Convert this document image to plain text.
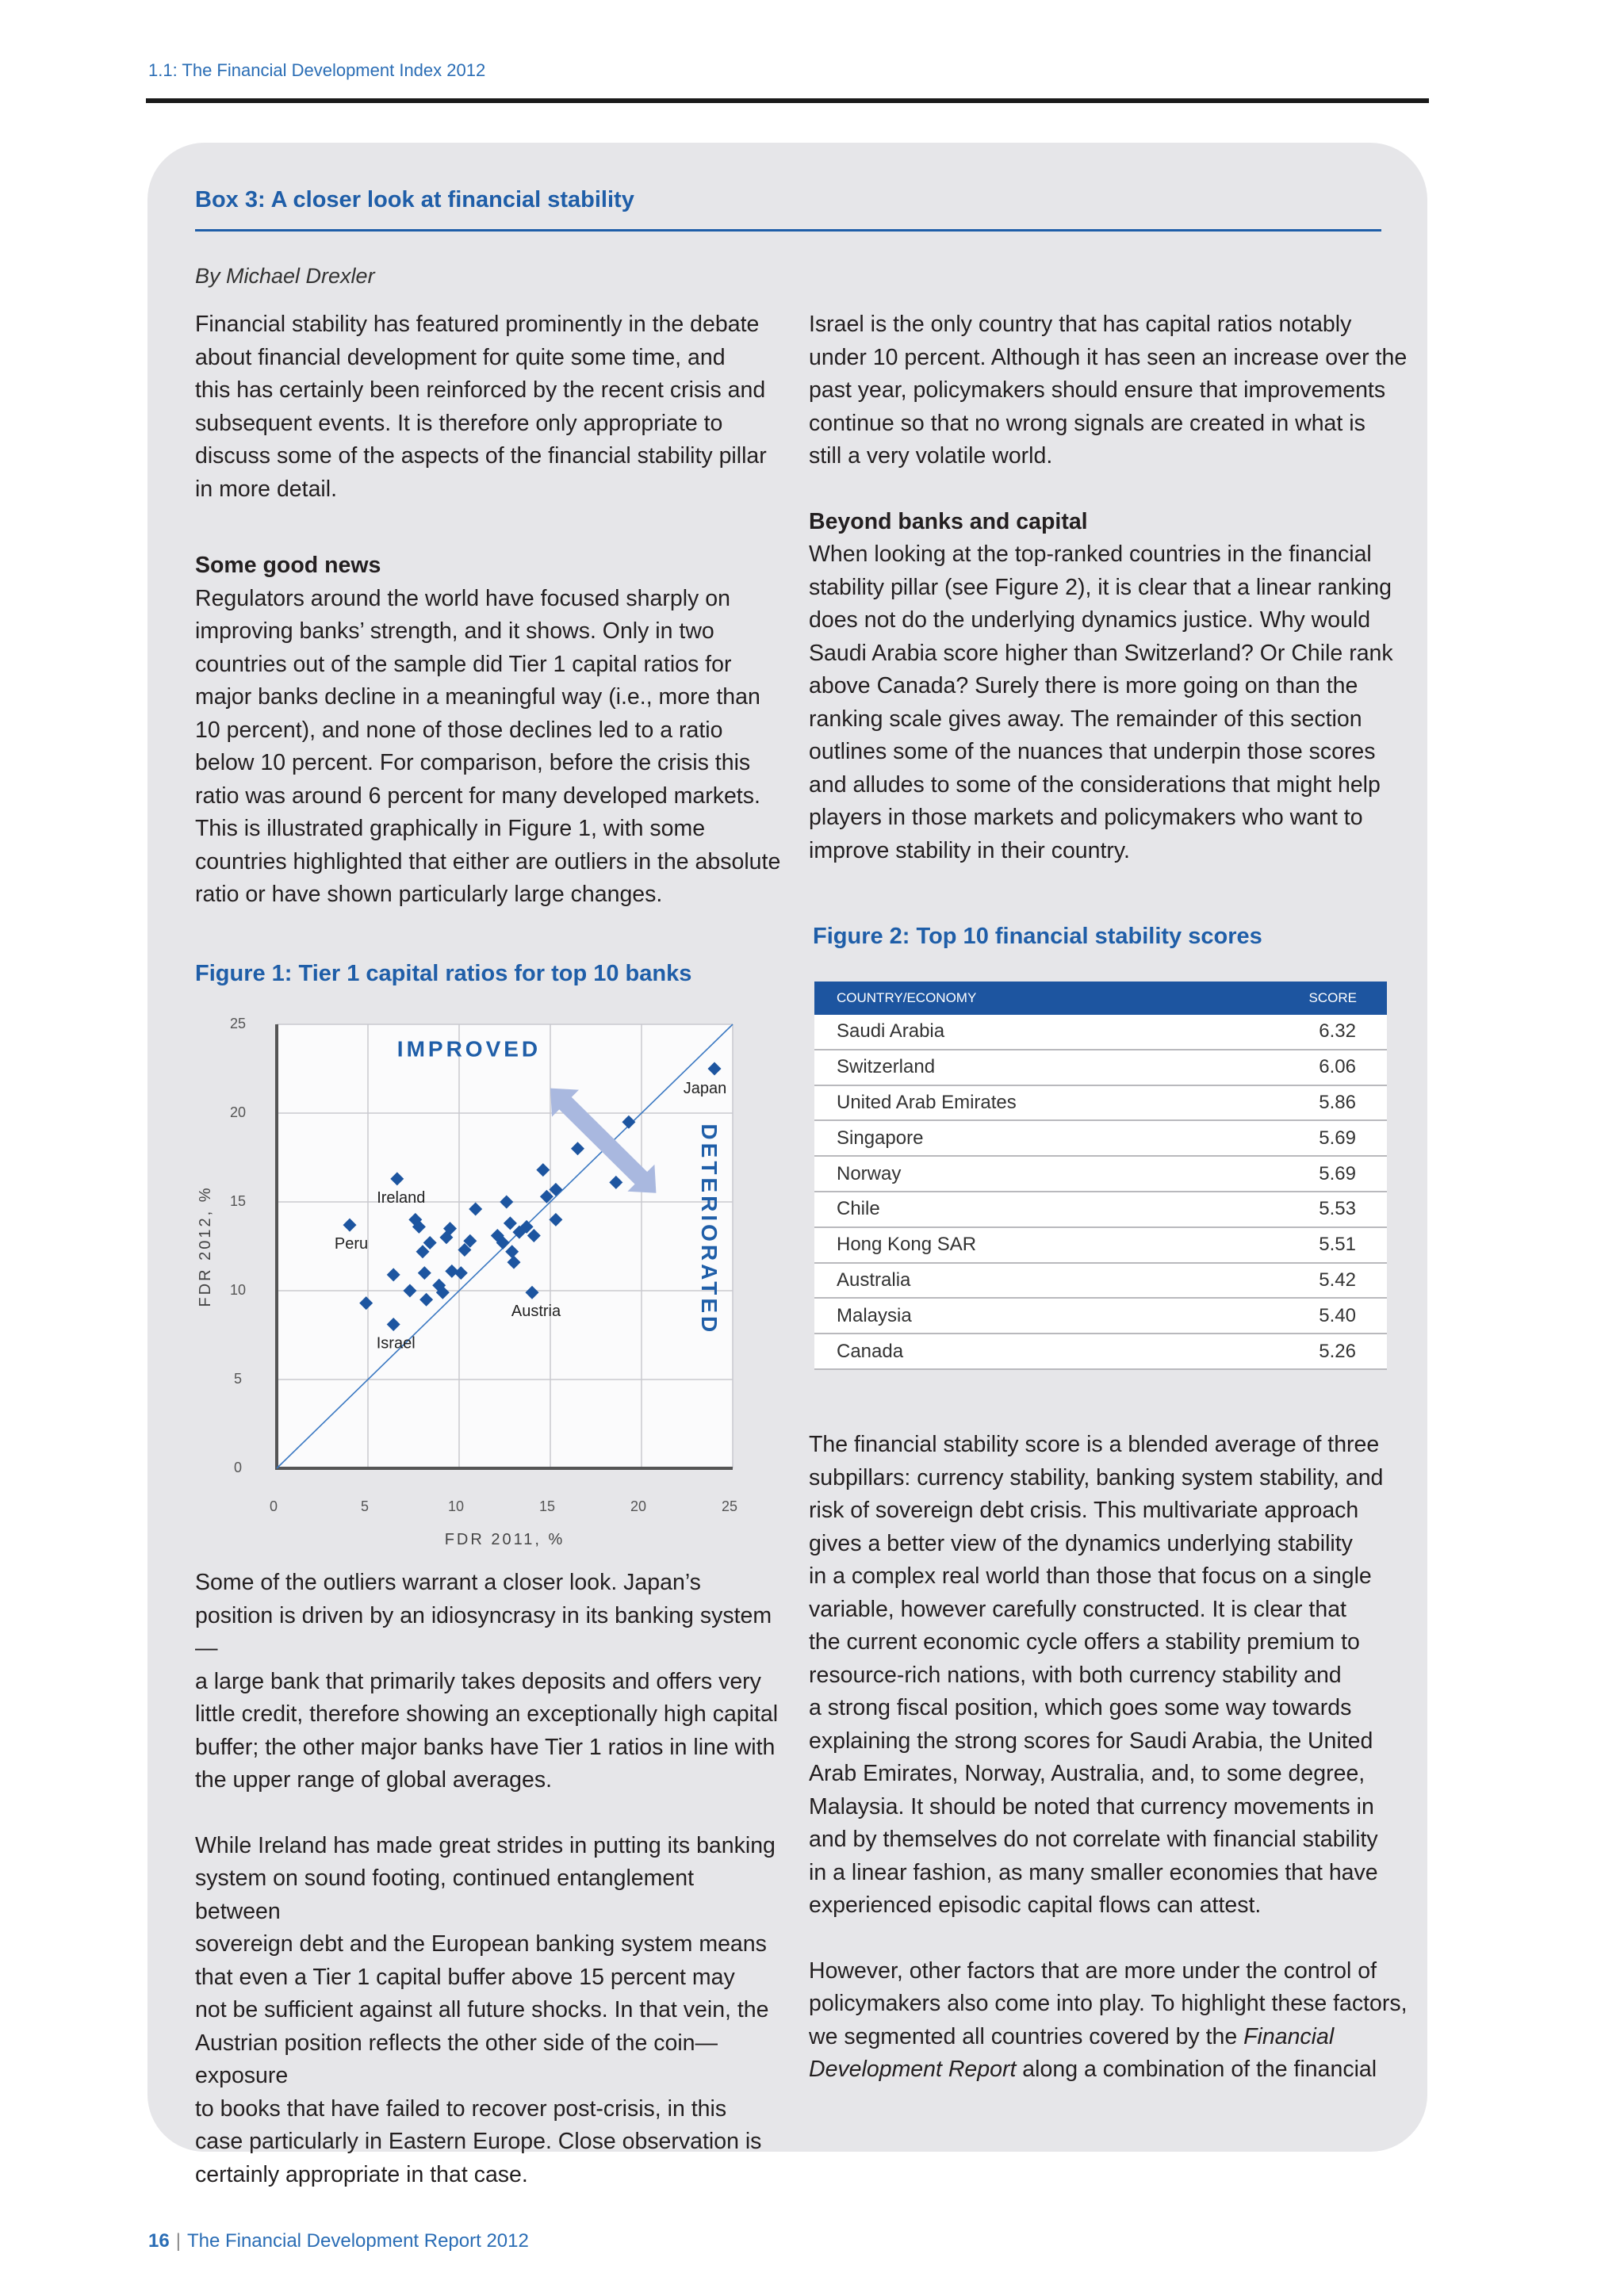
1.1: The Financial Development Index 2012
Box 3: A closer look at financial stability
By Michael Drexler

Financial stability has featured prominently in the debate
about financial development for quite some time, and
this has certainly been reinforced by the recent crisis and
subsequent events. It is therefore only appropriate to
discuss some of the aspects of the financial stability pillar
in more detail.

Some good news

Regulators around the world have focused sharply on
improving banks’ strength, and it shows. Only in two
countries out of the sample did Tier 1 capital ratios for
major banks decline in a meaningful way (i.e., more than
10 percent), and none of those declines led to a ratio
below 10 percent. For comparison, before the crisis this
ratio was around 6 percent for many developed markets.
This is illustrated graphically in Figure 1, with some
countries highlighted that either are outliers in the absolute
ratio or have shown particularly large changes.

Figure 1: Tier 1 capital ratios for top 10 banks
0	5	10	15	20	25
0
5
10
15
20
25
Japan
Ireland
Peru
Austria
Israel
IMPROVED
DETERIORATED
FDR 2011, %
FDR 2012, %

Some of the outliers warrant a closer look. Japan’s
position is driven by an idiosyncrasy in its banking system—
a large bank that primarily takes deposits and offers very
little credit, therefore showing an exceptionally high capital
buffer; the other major banks have Tier 1 ratios in line with
the upper range of global averages.

While Ireland has made great strides in putting its banking
system on sound footing, continued entanglement between
sovereign debt and the European banking system means
that even a Tier 1 capital buffer above 15 percent may
not be sufficient against all future shocks. In that vein, the
Austrian position reflects the other side of the coin—exposure
to books that have failed to recover post-crisis, in this
case particularly in Eastern Europe. Close observation is
certainly appropriate in that case.

Israel is the only country that has capital ratios notably
under 10 percent. Although it has seen an increase over the
past year, policymakers should ensure that improvements
continue so that no wrong signals are created in what is
still a very volatile world.

Beyond banks and capital

When looking at the top-ranked countries in the financial
stability pillar (see Figure 2), it is clear that a linear ranking
does not do the underlying dynamics justice. Why would
Saudi Arabia score higher than Switzerland? Or Chile rank
above Canada? Surely there is more going on than the
ranking scale gives away. The remainder of this section
outlines some of the nuances that underpin those scores
and alludes to some of the considerations that might help
players in those markets and policymakers who want to
improve stability in their country.

Figure 2: Top 10 financial stability scores
COUNTRY/ECONOMY	SCORE
Saudi Arabia	6.32
Switzerland	6.06
United Arab Emirates	5.86
Singapore	5.69
Norway	5.69
Chile	5.53
Hong Kong SAR	5.51
Australia	5.42
Malaysia	5.40
Canada	5.26

The financial stability score is a blended average of three
subpillars: currency stability, banking system stability, and
risk of sovereign debt crisis. This multivariate approach
gives a better view of the dynamics underlying stability
in a complex real world than those that focus on a single
variable, however carefully constructed. It is clear that
the current economic cycle offers a stability premium to
resource-rich nations, with both currency stability and
a strong fiscal position, which goes some way towards
explaining the strong scores for Saudi Arabia, the United
Arab Emirates, Norway, Australia, and, to some degree,
Malaysia. It should be noted that currency movements in
and by themselves do not correlate with financial stability
in a linear fashion, as many smaller economies that have
experienced episodic capital flows can attest.

However, other factors that are more under the control of
policymakers also come into play. To highlight these factors,
we segmented all countries covered by the Financial
Development Report along a combination of the financial

16 | The Financial Development Report 2012
